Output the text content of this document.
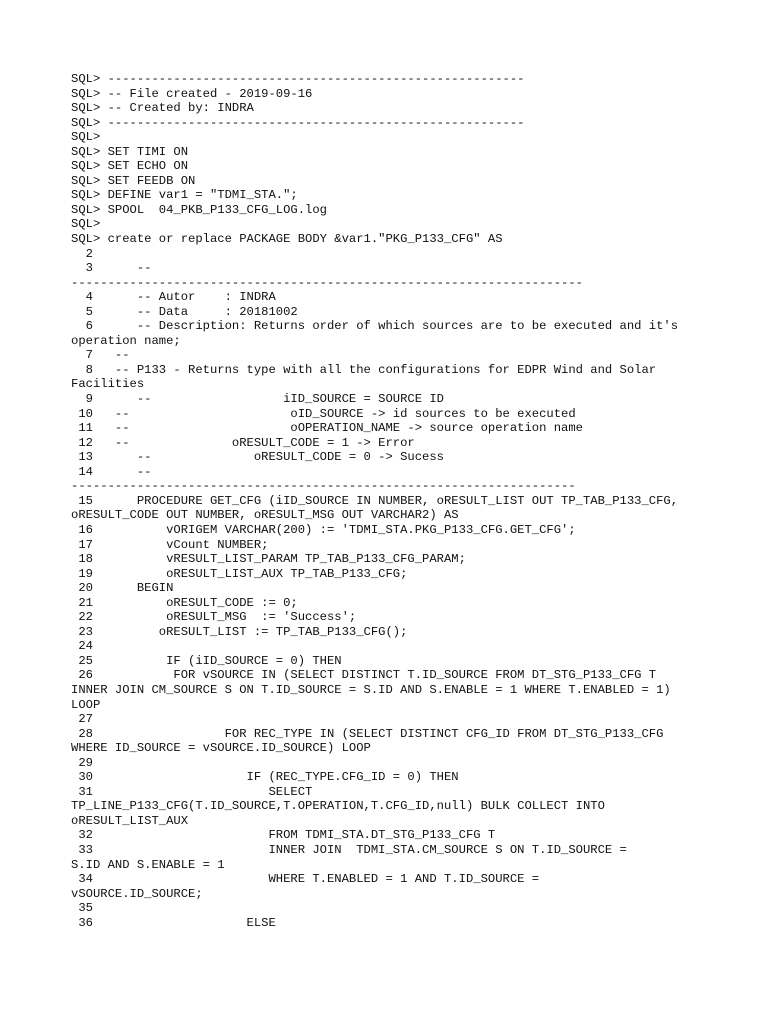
SQL> ---------------------------------------------------------
SQL> -- File created - 2019-09-16
SQL> -- Created by: INDRA
SQL> ---------------------------------------------------------
SQL>
SQL> SET TIMI ON
SQL> SET ECHO ON
SQL> SET FEEDB ON
SQL> DEFINE var1 = "TDMI_STA.";
SQL> SPOOL  04_PKB_P133_CFG_LOG.log
SQL>
SQL> create or replace PACKAGE BODY &var1."PKG_P133_CFG" AS
2
3      --
----------------------------------------------------------------------
4      -- Autor    : INDRA
5      -- Data     : 20181002
6      -- Description: Returns order of which sources are to be executed and it's
operation name;
7   --
8   -- P133 - Returns type with all the configurations for EDPR Wind and Solar
Facilities
9      --                  iID_SOURCE = SOURCE ID
10   --                      oID_SOURCE -> id sources to be executed
11   --                      oOPERATION_NAME -> source operation name
12   --              oRESULT_CODE = 1 -> Error
13      --              oRESULT_CODE = 0 -> Sucess
14      --
---------------------------------------------------------------------
15      PROCEDURE GET_CFG (iID_SOURCE IN NUMBER, oRESULT_LIST OUT TP_TAB_P133_CFG,
oRESULT_CODE OUT NUMBER, oRESULT_MSG OUT VARCHAR2) AS
16          vORIGEM VARCHAR(200) := 'TDMI_STA.PKG_P133_CFG.GET_CFG';
17          vCount NUMBER;
18          vRESULT_LIST_PARAM TP_TAB_P133_CFG_PARAM;
19          oRESULT_LIST_AUX TP_TAB_P133_CFG;
20      BEGIN
21          oRESULT_CODE := 0;
22          oRESULT_MSG  := 'Success';
23         oRESULT_LIST := TP_TAB_P133_CFG();
24
25          IF (iID_SOURCE = 0) THEN
26           FOR vSOURCE IN (SELECT DISTINCT T.ID_SOURCE FROM DT_STG_P133_CFG T
INNER JOIN CM_SOURCE S ON T.ID_SOURCE = S.ID AND S.ENABLE = 1 WHERE T.ENABLED = 1)
LOOP
27
28                  FOR REC_TYPE IN (SELECT DISTINCT CFG_ID FROM DT_STG_P133_CFG
WHERE ID_SOURCE = vSOURCE.ID_SOURCE) LOOP
29
30                     IF (REC_TYPE.CFG_ID = 0) THEN
31                        SELECT
TP_LINE_P133_CFG(T.ID_SOURCE,T.OPERATION,T.CFG_ID,null) BULK COLLECT INTO
oRESULT_LIST_AUX
32                        FROM TDMI_STA.DT_STG_P133_CFG T
33                        INNER JOIN  TDMI_STA.CM_SOURCE S ON T.ID_SOURCE =
S.ID AND S.ENABLE = 1
34                        WHERE T.ENABLED = 1 AND T.ID_SOURCE =
vSOURCE.ID_SOURCE;
35
36                     ELSE
